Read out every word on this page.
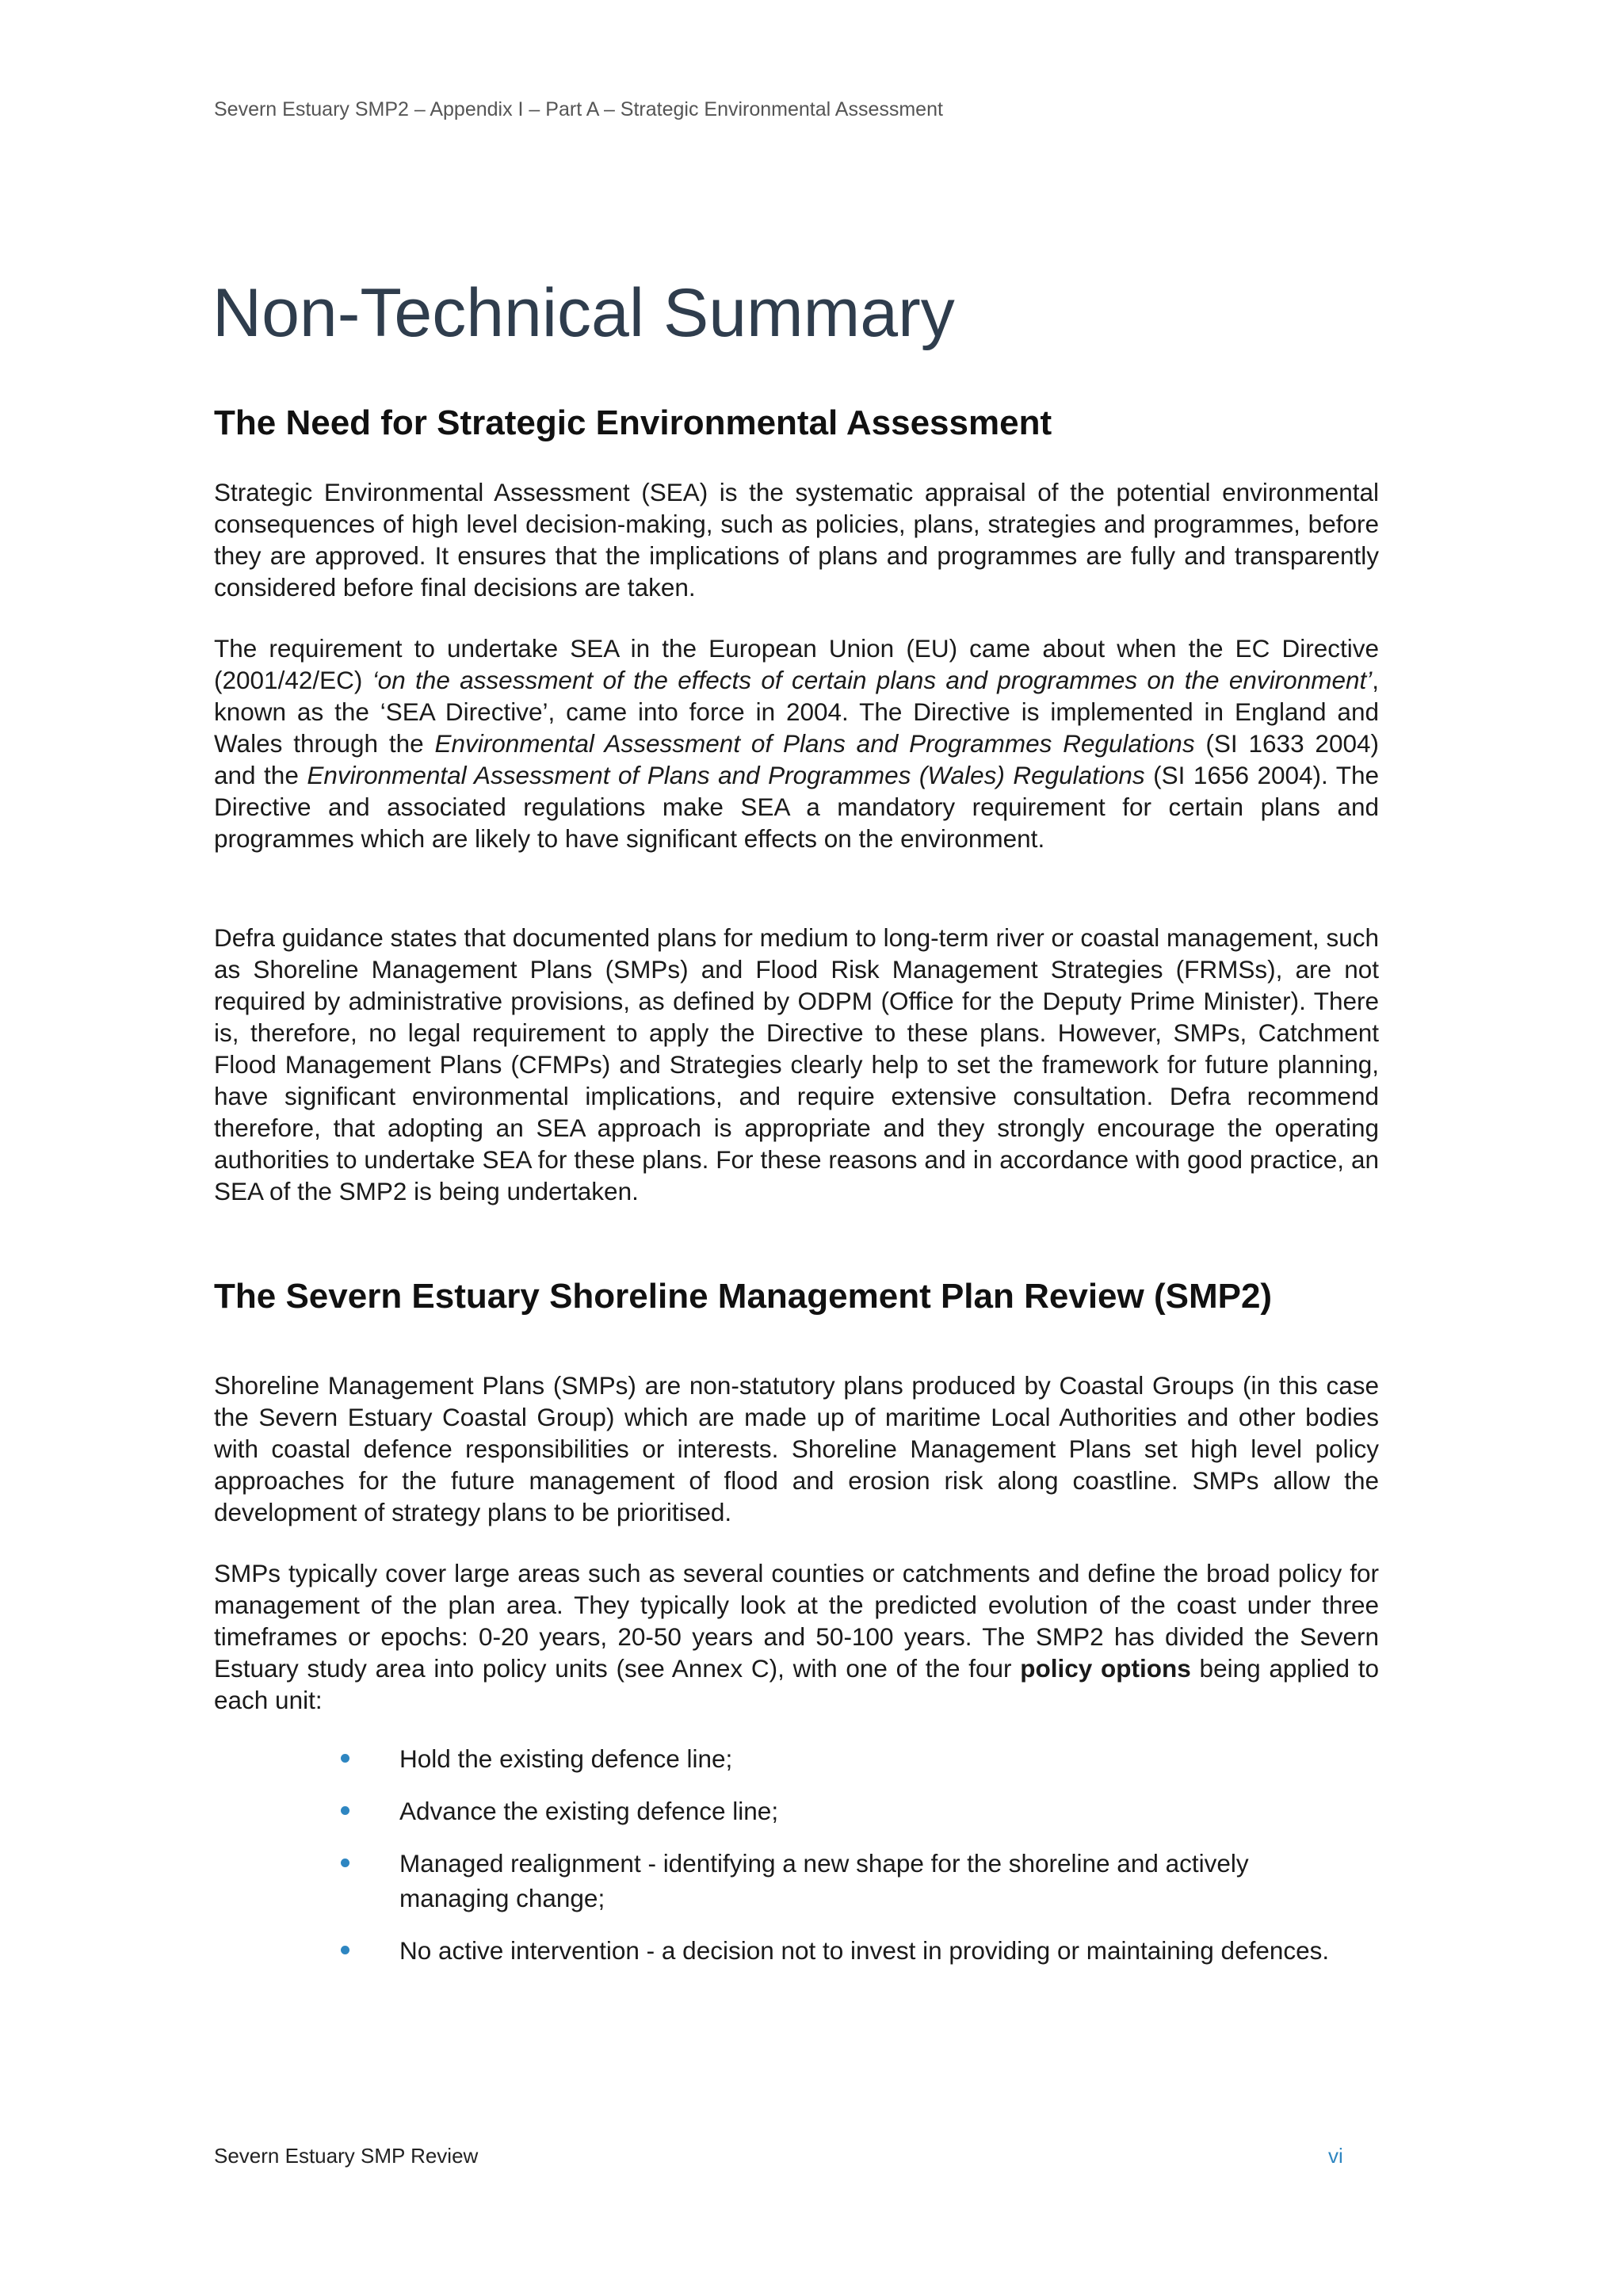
Severn Estuary SMP2 – Appendix I – Part A – Strategic Environmental Assessment
Non-Technical Summary
The Need for Strategic Environmental Assessment

Strategic Environmental Assessment (SEA) is the systematic appraisal of the potential environmental consequences of high level decision-making, such as policies, plans, strategies and programmes, before they are approved. It ensures that the implications of plans and programmes are fully and transparently considered before final decisions are taken.

The requirement to undertake SEA in the European Union (EU) came about when the EC Directive (2001/42/EC) ‘on the assessment of the effects of certain plans and programmes on the environment’, known as the ‘SEA Directive’, came into force in 2004. The Directive is implemented in England and Wales through the Environmental Assessment of Plans and Programmes Regulations (SI 1633 2004) and the Environmental Assessment of Plans and Programmes (Wales) Regulations (SI 1656 2004). The Directive and associated regulations make SEA a mandatory requirement for certain plans and programmes which are likely to have significant effects on the environment.

Defra guidance states that documented plans for medium to long-term river or coastal management, such as Shoreline Management Plans (SMPs) and Flood Risk Management Strategies (FRMSs), are not required by administrative provisions, as defined by ODPM (Office for the Deputy Prime Minister). There is, therefore, no legal requirement to apply the Directive to these plans. However, SMPs, Catchment Flood Management Plans (CFMPs) and Strategies clearly help to set the framework for future planning, have significant environmental implications, and require extensive consultation. Defra recommend therefore, that adopting an SEA approach is appropriate and they strongly encourage the operating authorities to undertake SEA for these plans. For these reasons and in accordance with good practice, an SEA of the SMP2 is being undertaken.

The Severn Estuary Shoreline Management Plan Review (SMP2)

Shoreline Management Plans (SMPs) are non-statutory plans produced by Coastal Groups (in this case the Severn Estuary Coastal Group) which are made up of maritime Local Authorities and other bodies with coastal defence responsibilities or interests. Shoreline Management Plans set high level policy approaches for the future management of flood and erosion risk along coastline. SMPs allow the development of strategy plans to be prioritised.

SMPs typically cover large areas such as several counties or catchments and define the broad policy for management of the plan area. They typically look at the predicted evolution of the coast under three timeframes or epochs: 0-20 years, 20-50 years and 50-100 years. The SMP2 has divided the Severn Estuary study area into policy units (see Annex C), with one of the four policy options being applied to each unit:

Hold the existing defence line;
Advance the existing defence line;
Managed realignment - identifying a new shape for the shoreline and actively managing change;
No active intervention - a decision not to invest in providing or maintaining defences.
Severn Estuary SMP Review	vi
